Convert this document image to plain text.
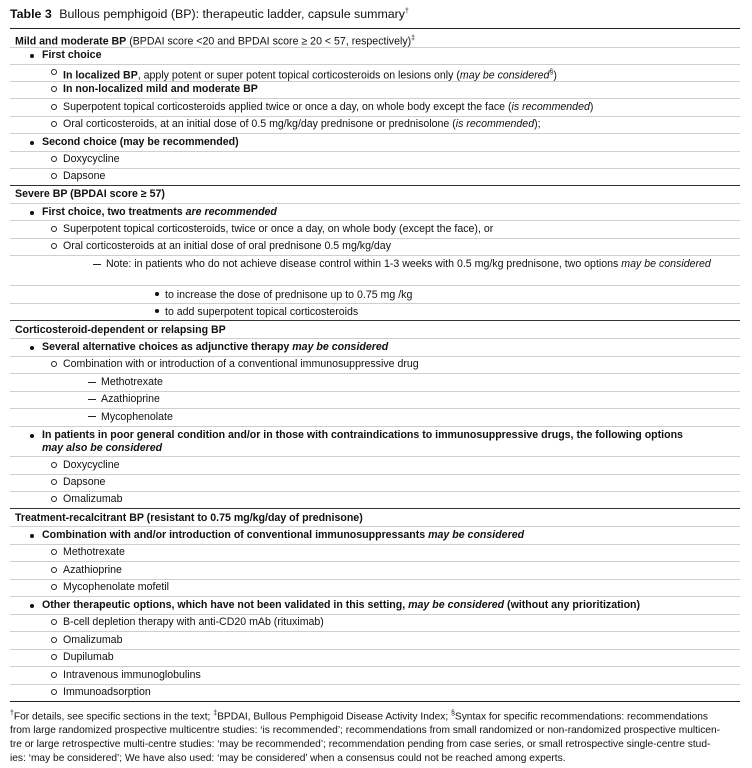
Table 3 Bullous pemphigoid (BP): therapeutic ladder, capsule summary†
Mild and moderate BP (BPDAI score <20 and BPDAI score ≥ 20 < 57, respectively)‡
First choice
In localized BP, apply potent or super potent topical corticosteroids on lesions only (may be considered§)
In non-localized mild and moderate BP
Superpotent topical corticosteroids applied twice or once a day, on whole body except the face (is recommended)
Oral corticosteroids, at an initial dose of 0.5 mg/kg/day prednisone or prednisolone (is recommended);
Second choice (may be recommended)
Doxycycline
Dapsone
Severe BP (BPDAI score ≥ 57)
First choice, two treatments are recommended
Superpotent topical corticosteroids, twice or once a day, on whole body (except the face), or
Oral corticosteroids at an initial dose of oral prednisone 0.5 mg/kg/day
Note: in patients who do not achieve disease control within 1-3 weeks with 0.5 mg/kg prednisone, two options may be considered
to increase the dose of prednisone up to 0.75 mg /kg
to add superpotent topical corticosteroids
Corticosteroid-dependent or relapsing BP
Several alternative choices as adjunctive therapy may be considered
Combination with or introduction of a conventional immunosuppressive drug
Methotrexate
Azathioprine
Mycophenolate
In patients in poor general condition and/or in those with contraindications to immunosuppressive drugs, the following options
may also be considered
Doxycycline
Dapsone
Omalizumab
Treatment-recalcitrant BP (resistant to 0.75 mg/kg/day of prednisone)
Combination with and/or introduction of conventional immunosuppressants may be considered
Methotrexate
Azathioprine
Mycophenolate mofetil
Other therapeutic options, which have not been validated in this setting, may be considered (without any prioritization)
B-cell depletion therapy with anti-CD20 mAb (rituximab)
Omalizumab
Dupilumab
Intravenous immunoglobulins
Immunoadsorption
†For details, see specific sections in the text; ‡BPDAI, Bullous Pemphigoid Disease Activity Index; §Syntax for specific recommendations: recommendations
from large randomized prospective multicentre studies: ‘is recommended’; recommendations from small randomized or non-randomized prospective multicen-
tre or large retrospective multi-centre studies: ‘may be recommended’; recommendation pending from case series, or small retrospective single-centre stud-
ies: ‘may be considered’; We have also used: ‘may be considered’ when a consensus could not be reached among experts.
